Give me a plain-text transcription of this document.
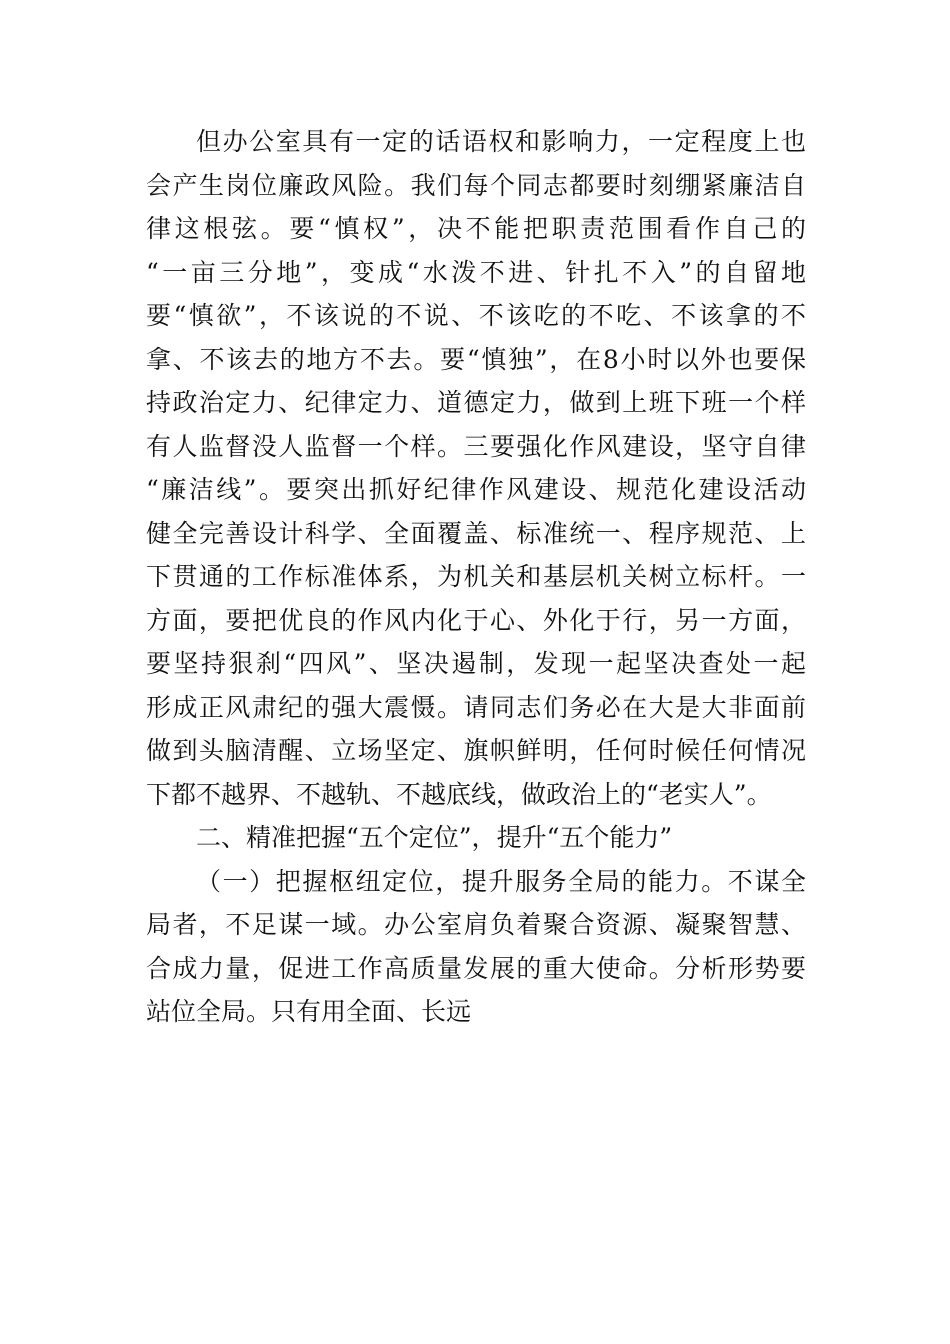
但办公室具有一定的话语权和影响力，一定程度上也
会产生岗位廉政风险。我们每个同志都要时刻绷紧廉洁自
律这根弦。要“慎权”，决不能把职责范围看作自己的
“一亩三分地”，变成“水泼不进、针扎不入”的自留地
要“慎欲”，不该说的不说、不该吃的不吃、不该拿的不
拿、不该去的地方不去。要“慎独”，在8小时以外也要保
持政治定力、纪律定力、道德定力，做到上班下班一个样
有人监督没人监督一个样。三要强化作风建设，坚守自律
“廉洁线”。要突出抓好纪律作风建设、规范化建设活动
健全完善设计科学、全面覆盖、标准统一、程序规范、上
下贯通的工作标准体系，为机关和基层机关树立标杆。一
方面，要把优良的作风内化于心、外化于行，另一方面，
要坚持狠刹“四风”、坚决遏制，发现一起坚决查处一起
形成正风肃纪的强大震慑。请同志们务必在大是大非面前
做到头脑清醒、立场坚定、旗帜鲜明，任何时候任何情况
下都不越界、不越轨、不越底线，做政治上的“老实人”。
二、精准把握“五个定位”，提升“五个能力”
（一）把握枢纽定位，提升服务全局的能力。不谋全
局者，不足谋一域。办公室肩负着聚合资源、凝聚智慧、
合成力量，促进工作高质量发展的重大使命。分析形势要
站位全局。只有用全面、长远
